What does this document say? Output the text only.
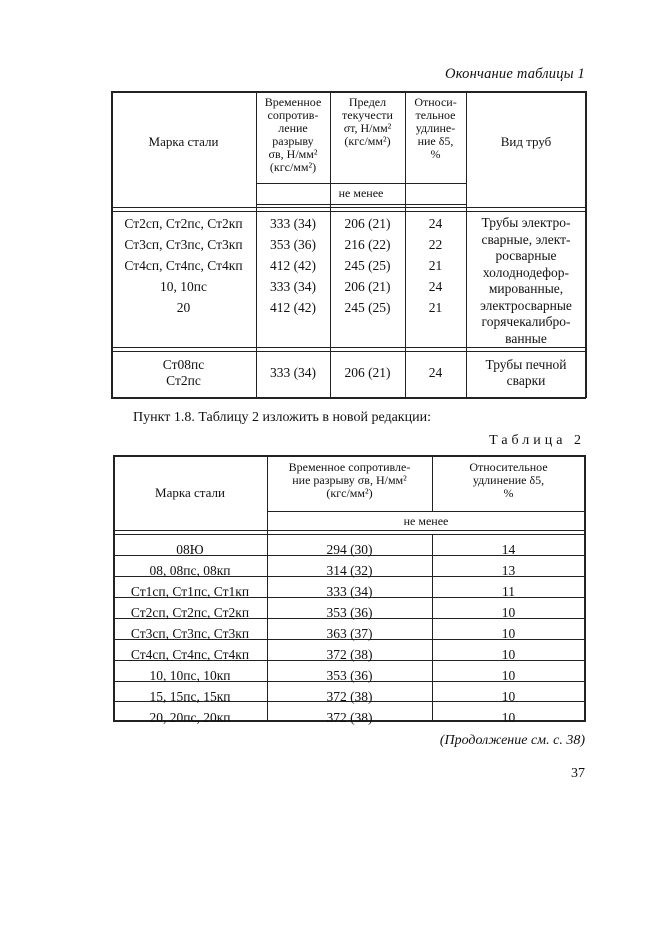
Окончание таблицы 1
Марка стали
Временное
сопротив-
ление
разрыву
σв, Н/мм²
(кгс/мм²)
Предел
текучести
σт, Н/мм²
(кгс/мм²)
Относи-
тельное
удлине-
ние δ5,
%
Вид труб
не менее
Ст2сп, Ст2пс, Ст2кп
Ст3сп, Ст3пс, Ст3кп
Ст4сп, Ст4пс, Ст4кп
10, 10пс
20
333 (34)
353 (36)
412 (42)
333 (34)
412 (42)
206 (21)
216 (22)
245 (25)
206 (21)
245 (25)
24
22
21
24
21
Трубы электро-
сварные, элект-
росварные
холоднодефор-
мированные,
электросварные
горячекалибро-
ванные
Ст08пс
Ст2пс
333 (34)	206 (21)	24
Трубы печной
сварки
Пункт 1.8. Таблицу 2 изложить в новой редакции:
Таблица 2
Марка стали
Временное сопротивле-
ние разрыву σв, Н/мм²
(кгс/мм²)
Относительное
удлинение δ5,
%
не менее
08Ю
08, 08пс, 08кп
Ст1сп, Ст1пс, Ст1кп
Ст2сп, Ст2пс, Ст2кп
Ст3сп, Ст3пс, Ст3кп
Ст4сп, Ст4пс, Ст4кп
10, 10пс, 10кп
15, 15пс, 15кп
20, 20пс, 20кп
294 (30)
314 (32)
333 (34)
353 (36)
363 (37)
372 (38)
353 (36)
372 (38)
372 (38)
14
13
11
10
10
10
10
10
10
(Продолжение см. с. 38)
37
